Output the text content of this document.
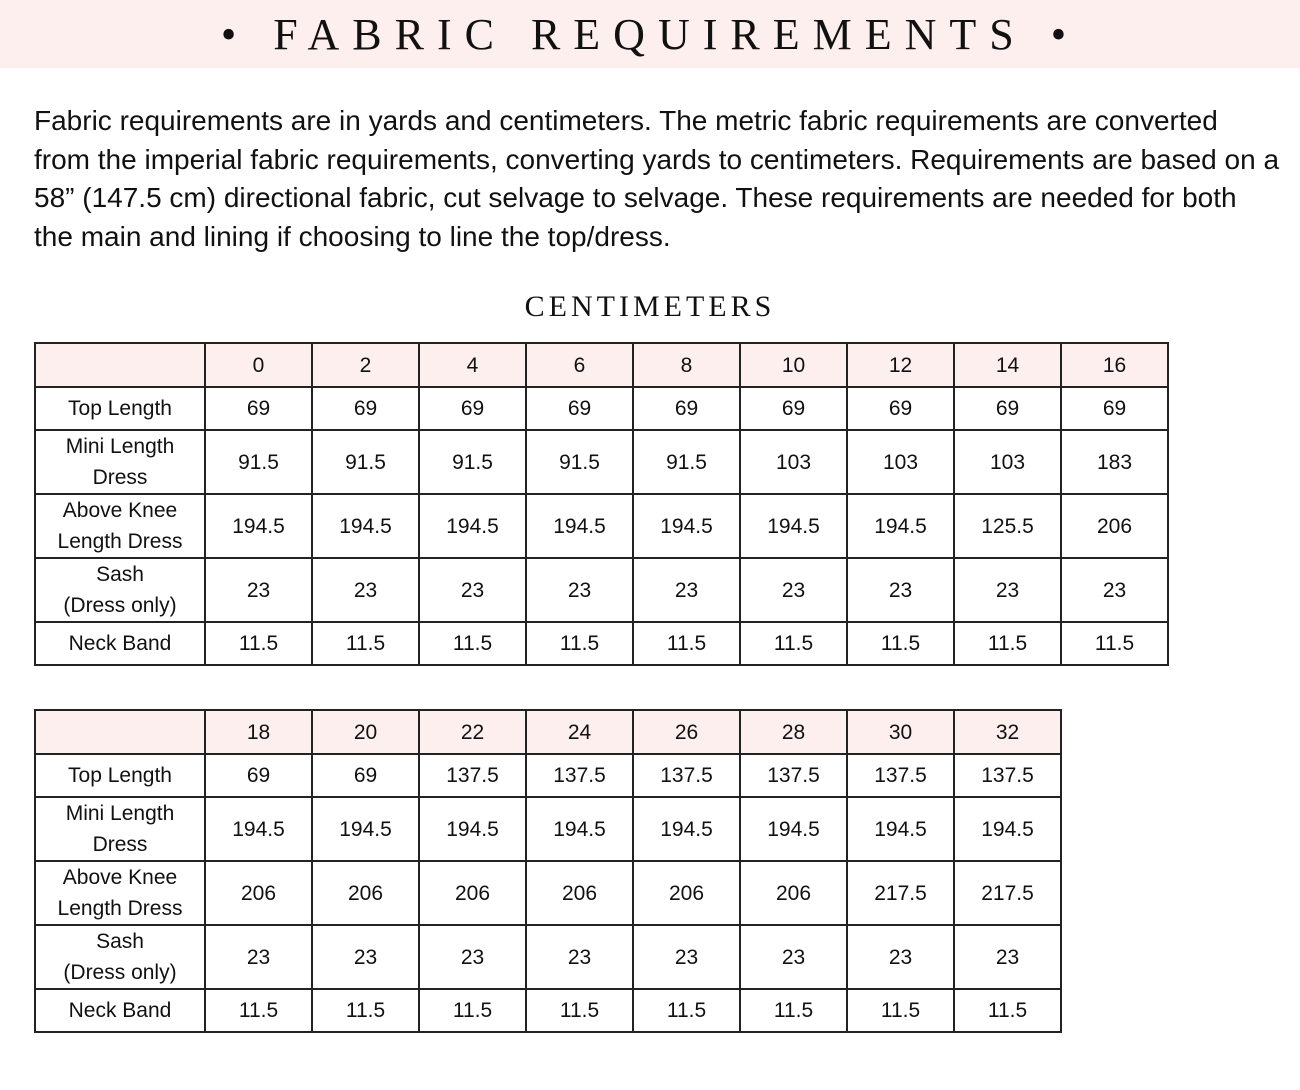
• FABRIC REQUIREMENTS •

Fabric requirements are in yards and centimeters. The metric fabric requirements are converted from the imperial fabric requirements, converting yards to centimeters. Requirements are based on a 58” (147.5 cm) directional fabric, cut selvage to selvage. These requirements are needed for both the main and lining if choosing to line the top/dress.

CENTIMETERS
	0	2	4	6	8	10	12	14	16
Top Length	69	69	69	69	69	69	69	69	69

Mini Length
Dress	91.5	91.5	91.5	91.5	91.5	103	103	103	183

Above Knee
Length Dress	194.5	194.5	194.5	194.5	194.5	194.5	194.5	125.5	206

Sash
(Dress only)	23	23	23	23	23	23	23	23	23
Neck Band	11.5	11.5	11.5	11.5	11.5	11.5	11.5	11.5	11.5
	18	20	22	24	26	28	30	32
Top Length	69	69	137.5	137.5	137.5	137.5	137.5	137.5

Mini Length
Dress	194.5	194.5	194.5	194.5	194.5	194.5	194.5	194.5

Above Knee
Length Dress	206	206	206	206	206	206	217.5	217.5

Sash
(Dress only)	23	23	23	23	23	23	23	23
Neck Band	11.5	11.5	11.5	11.5	11.5	11.5	11.5	11.5
